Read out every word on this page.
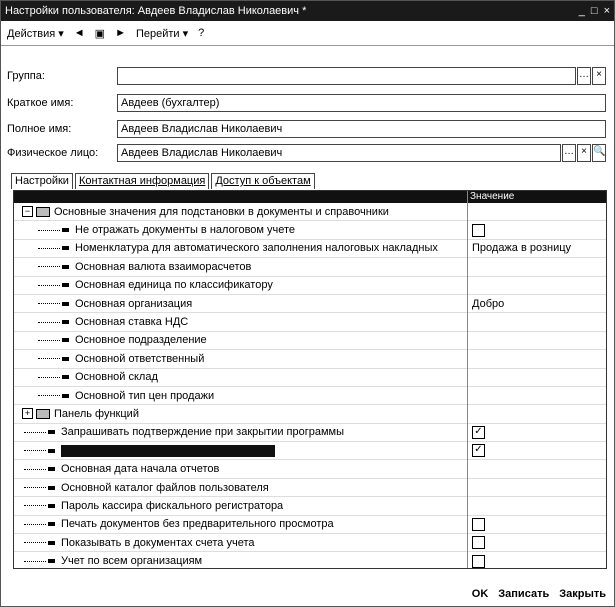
Настройки пользователя: Авдеев Владислав Николаевич *	_ □ ×
Действия ▾ ◄ ▣ ► Перейти ▾ ?
Группа:	… ×
Краткое имя:	Авдеев (бухгалтер)
Полное имя:	Авдеев Владислав Николаевич
Физическое лицо:	Авдеев Владислав Николаевич	… × 🔍
Настройки Контактная информация Доступ к объектам
Значение
− Основные значения для подстановки в документы и справочники
Не отражать документы в налоговом учете
Номенклатура для автоматического заполнения налоговых накладных	Продажа в розницу
Основная валюта взаиморасчетов
Основная единица по классификатору
Основная организация	Добро
Основная ставка НДС
Основное подразделение
Основной ответственный
Основной склад
Основной тип цен продажи
+ Панель функций
Запрашивать подтверждение при закрытии программы	✓
✓
Основная дата начала отчетов
Основной каталог файлов пользователя
Пароль кассира фискального регистратора
Печать документов без предварительного просмотра
Показывать в документах счета учета
Учет по всем организациям
OK Записать Закрыть
